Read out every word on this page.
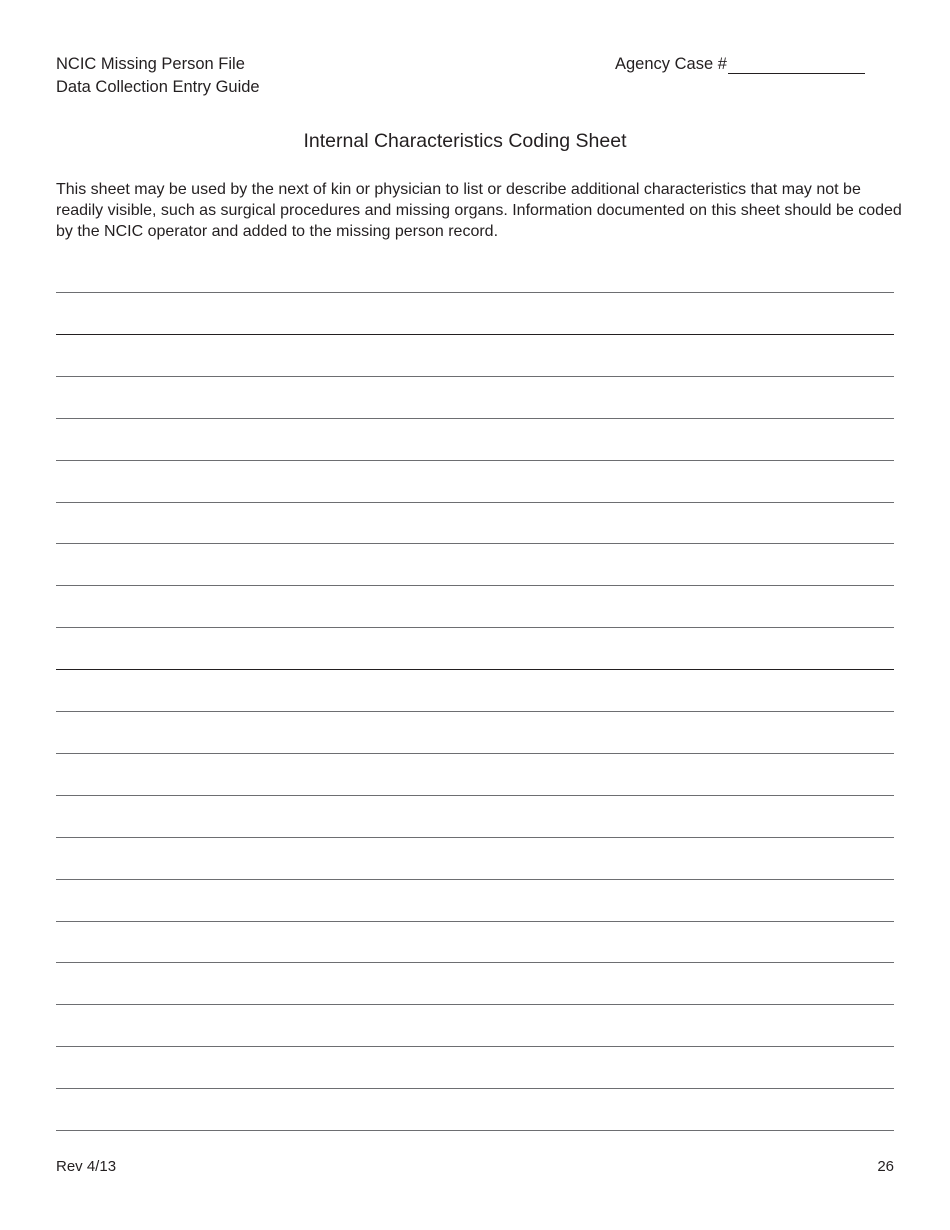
NCIC Missing Person File
Data Collection Entry Guide
Agency Case #
Internal Characteristics Coding Sheet

This sheet may be used by the next of kin or physician to list or describe additional characteristics that may not be readily visible, such as surgical procedures and missing organs. Information documented on this sheet should be coded by the NCIC operator and added to the missing person record.

Rev 4/13	26
